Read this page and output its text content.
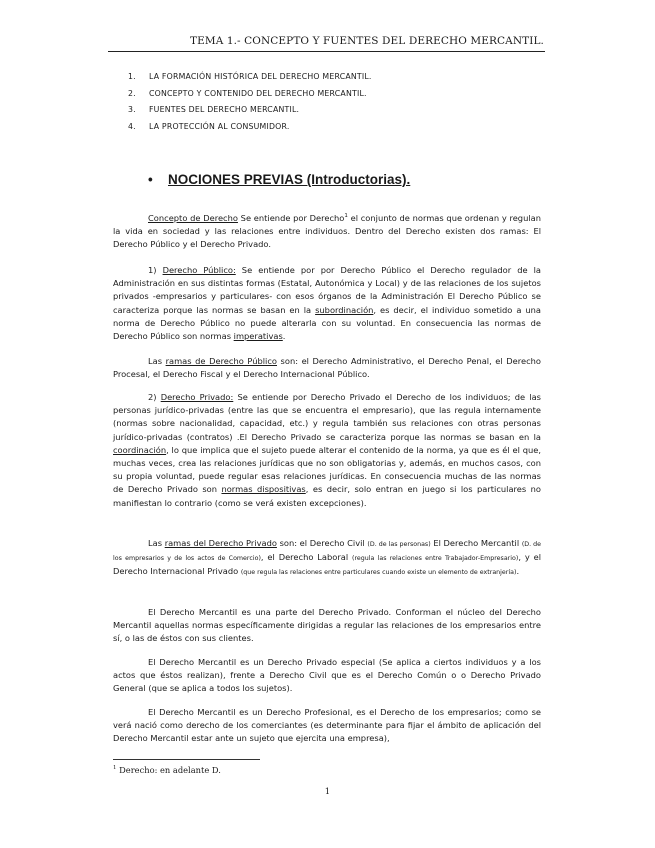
TEMA 1.- CONCEPTO Y FUENTES DEL DERECHO MERCANTIL.
1. LA FORMACIÓN HISTÓRICA DEL DERECHO MERCANTIL.
2. CONCEPTO Y CONTENIDO DEL DERECHO MERCANTIL.
3. FUENTES DEL DERECHO MERCANTIL.
4. LA PROTECCIÓN AL CONSUMIDOR.
• NOCIONES PREVIAS (Introductorias).

Concepto de Derecho Se entiende por Derecho$^1$ el conjunto de normas que ordenan y regulan la vida en sociedad y las relaciones entre individuos. Dentro del Derecho existen dos ramas: El Derecho Público y el Derecho Privado.

1) Derecho Público: Se entiende por por Derecho Público el Derecho regulador de la Administración en sus distintas formas (Estatal, Autonómica y Local) y de las relaciones de los sujetos privados -empresarios y particulares- con esos órganos de la Administración El Derecho Público se caracteriza porque las normas se basan en la subordinación, es decir, el individuo sometido a una norma de Derecho Público no puede alterarla con su voluntad. En consecuencia las normas de Derecho Público son normas imperativas.

Las ramas de Derecho Público son: el Derecho Administrativo, el Derecho Penal, el Derecho Procesal, el Derecho Fiscal y el Derecho Internacional Público.

2) Derecho Privado: Se entiende por Derecho Privado el Derecho de los individuos; de las personas jurídico-privadas (entre las que se encuentra el empresario), que las regula internamente (normas sobre nacionalidad, capacidad, etc.) y regula también sus relaciones con otras personas jurídico-privadas (contratos) .El Derecho Privado se caracteriza porque las normas se basan en la coordinación, lo que implica que el sujeto puede alterar el contenido de la norma, ya que es él el que, muchas veces, crea las relaciones jurídicas que no son obligatorias y, además, en muchos casos, con su propia voluntad, puede regular esas relaciones jurídicas. En consecuencia muchas de las normas de Derecho Privado son normas dispositivas, es decir, solo entran en juego si los particulares no manifiestan lo contrario (como se verá existen excepciones).

Las ramas del Derecho Privado son: el Derecho Civil (D. de las personas) El Derecho Mercantil (D. de los empresarios y de los actos de Comercio), el Derecho Laboral (regula las relaciones entre Trabajador-Empresario), y el Derecho Internacional Privado (que regula las relaciones entre particulares cuando existe un elemento de extranjería).

El Derecho Mercantil es una parte del Derecho Privado. Conforman el núcleo del Derecho Mercantil aquellas normas específicamente dirigidas a regular las relaciones de los empresarios entre sí, o las de éstos con sus clientes.

El Derecho Mercantil es un Derecho Privado especial (Se aplica a ciertos individuos y a los actos que éstos realizan), frente a Derecho Civil que es el Derecho Común o o Derecho Privado General (que se aplica a todos los sujetos).

El Derecho Mercantil es un Derecho Profesional, es el Derecho de los empresarios; como se verá nació como derecho de los comerciantes (es determinante para fijar el ámbito de aplicación del Derecho Mercantil estar ante un sujeto que ejercita una empresa),

$^1$ Derecho: en adelante D.
1
